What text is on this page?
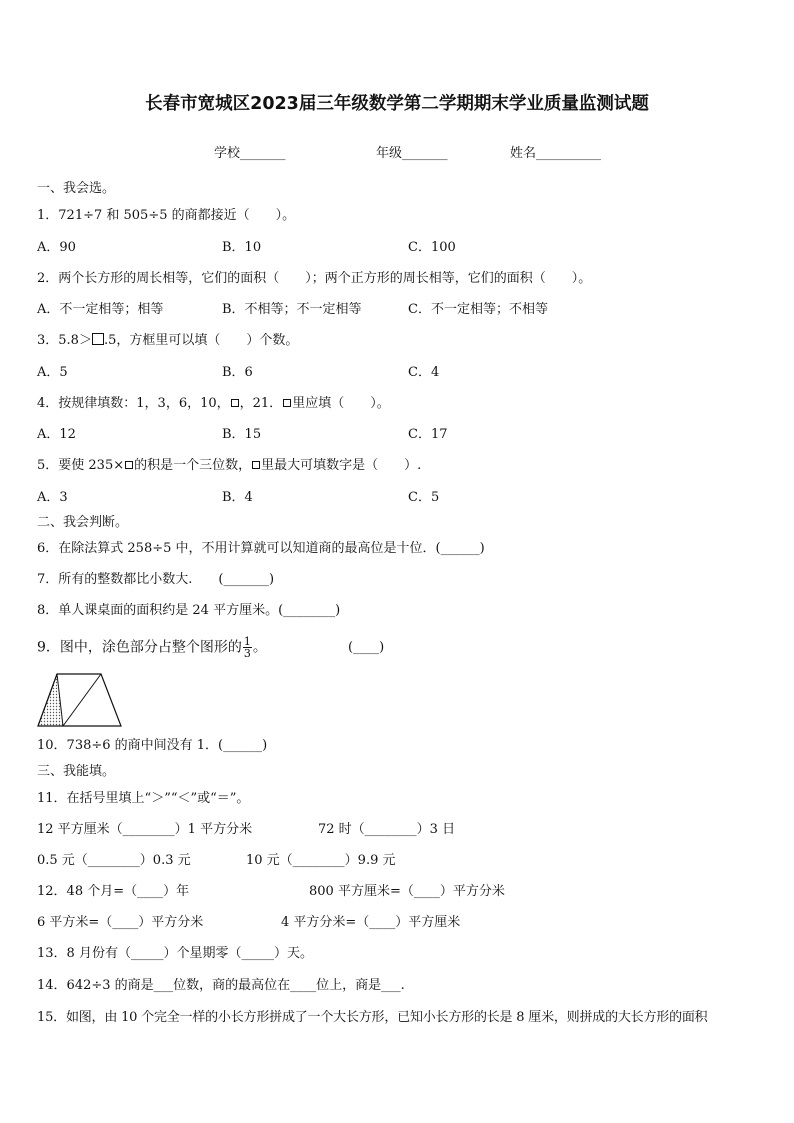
长春市宽城区2023届三年级数学第二学期期末学业质量监测试题
学校_______	年级_______	姓名__________
一、我会选。
1．721÷7 和 505÷5 的商都接近（　　）。
A．90	B．10	C．100
2．两个长方形的周长相等，它们的面积（　　）；两个正方形的周长相等，它们的面积（　　）。
A．不一定相等；相等	B．不相等；不一定相等	C．不一定相等；不相等
3．5.8＞ .5，方框里可以填（　　）个数。
A．5	B．6	C．4
4．按规律填数：1，3，6，10， ，21． 里应填（　　）。
A．12	B．15	C．17
5．要使 235× 的积是一个三位数， 里最大可填数字是（　　）.
A．3	B．4	C．5
二、我会判断。
6．在除法算式 258÷5 中，不用计算就可以知道商的最高位是十位．(______)
7．所有的整数都比小数大.　　(_______)
8．单人课桌面的面积约是 24 平方厘米。(________)
9．图中，涂色部分占整个图形的 $\frac{1}{3}$ 。	(____)
10．738÷6 的商中间没有 1．(______)
三、我能填。
11．在括号里填上“＞”“＜”或“＝”。
12 平方厘米（________）1 平方分米	72 时（________）3 日
0.5 元（________）0.3 元	10 元（________）9.9 元
12．48 个月=（____）年	800 平方厘米=（____）平方分米
6 平方米=（____）平方分米	4 平方分米=（____）平方厘米
13．8 月份有（_____）个星期零（_____）天。
14．642÷3 的商是___位数，商的最高位在____位上，商是___.
15．如图，由 10 个完全一样的小长方形拼成了一个大长方形，已知小长方形的长是 8 厘米，则拼成的大长方形的面积
